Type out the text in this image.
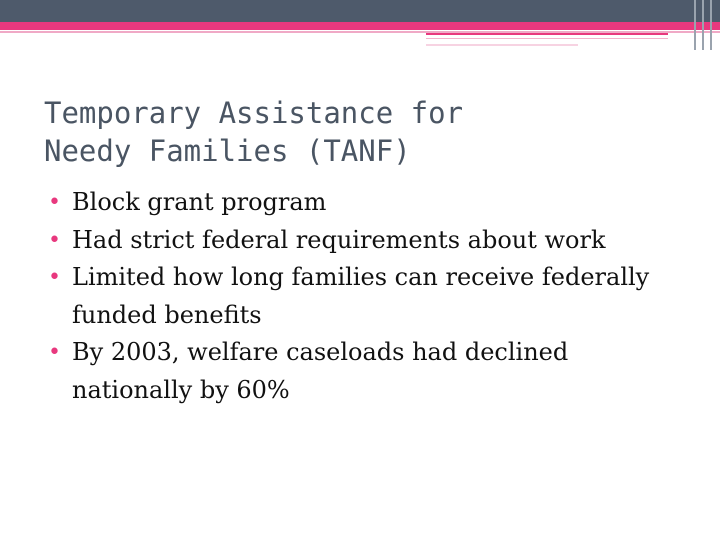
Temporary Assistance for
Needy Families (TANF)
• Block grant program
• Had strict federal requirements about work
• Limited how long families can receive federally funded benefits
• By 2003, welfare caseloads had declined nationally by 60%
